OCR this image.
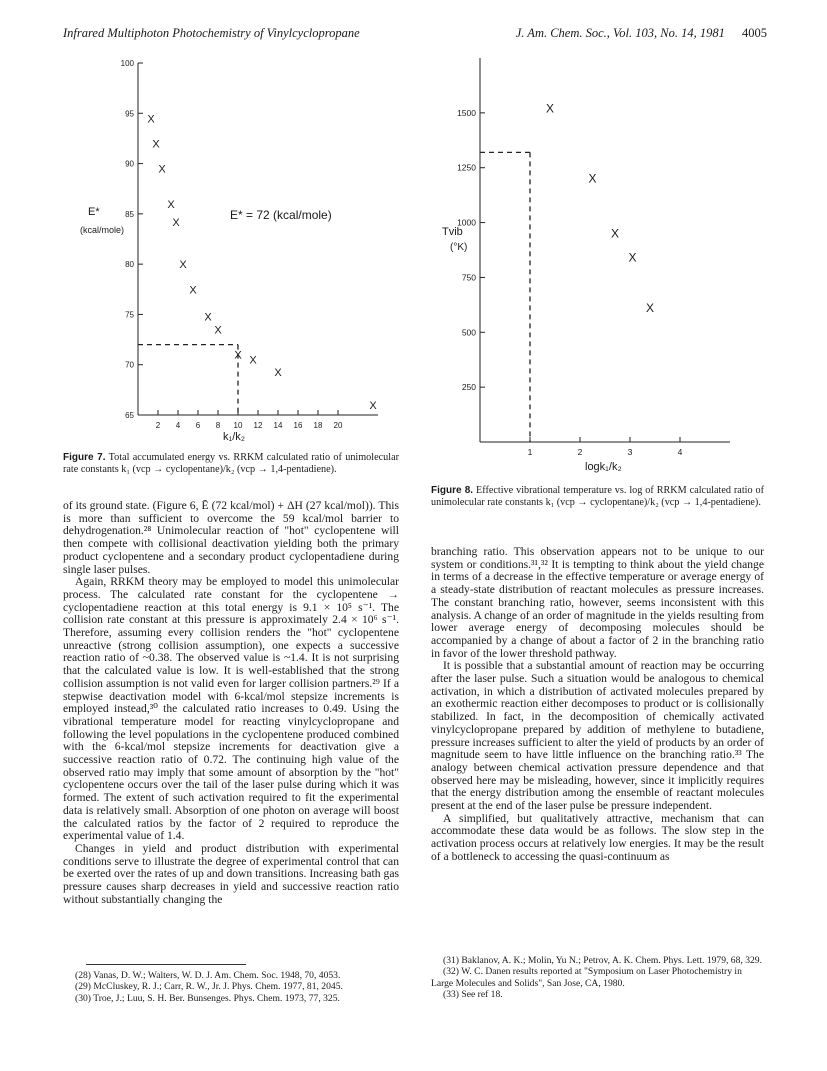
Infrared Multiphoton Photochemistry of Vinylcyclopropane	J. Am. Chem. Soc., Vol. 103, No. 14, 1981 4005
65
70
75
80
85
90
95
100
2 4 6 8 10 12 14 16 18 20
X
X
X
X
X
X
X
X
X
X X
X
X
E* = 72 (kcal/mole)
E*
(kcal/mole)
k₁/k₂
Figure 7. Total accumulated energy vs. RRKM calculated ratio of unimolecular rate constants k₁ (vcp → cyclopentane)/k₂ (vcp → 1,4-pentadiene).
250
500
750
1000
1250
1500
1	2	3	4
X
X
X
X
X
Tvib
(°K)
logk₁/k₂
Figure 8. Effective vibrational temperature vs. log of RRKM calculated ratio of unimolecular rate constants k₁ (vcp → cyclopentane)/k₂ (vcp → 1,4-pentadiene).

of its ground state. (Figure 6, Ē (72 kcal/mol) + ΔH (27 kcal/mol)). This is more than sufficient to overcome the 59 kcal/mol barrier to dehydrogenation.²⁸ Unimolecular reaction of "hot" cyclopentene will then compete with collisional deactivation yielding both the primary product cyclopentene and a secondary product cyclopentadiene during single laser pulses.

Again, RRKM theory may be employed to model this unimolecular process. The calculated rate constant for the cyclopentene → cyclopentadiene reaction at this total energy is 9.1 × 10⁵ s⁻¹. The collision rate constant at this pressure is approximately 2.4 × 10⁶ s⁻¹. Therefore, assuming every collision renders the "hot" cyclopentene unreactive (strong collision assumption), one expects a successive reaction ratio of ~0.38. The observed value is ~1.4. It is not surprising that the calculated value is low. It is well-established that the strong collision assumption is not valid even for larger collision partners.²⁹ If a stepwise deactivation model with 6-kcal/mol stepsize increments is employed instead,³⁰ the calculated ratio increases to 0.49. Using the vibrational temperature model for reacting vinylcyclopropane and following the level populations in the cyclopentene produced combined with the 6-kcal/mol stepsize increments for deactivation give a successive reaction ratio of 0.72. The continuing high value of the observed ratio may imply that some amount of absorption by the "hot" cyclopentene occurs over the tail of the laser pulse during which it was formed. The extent of such activation required to fit the experimental data is relatively small. Absorption of one photon on average will boost the calculated ratios by the factor of 2 required to reproduce the experimental value of 1.4.

Changes in yield and product distribution with experimental conditions serve to illustrate the degree of experimental control that can be exerted over the rates of up and down transitions. Increasing bath gas pressure causes sharp decreases in yield and successive reaction ratio without substantially changing the

branching ratio. This observation appears not to be unique to our system or conditions.³¹,³² It is tempting to think about the yield change in terms of a decrease in the effective temperature or average energy of a steady-state distribution of reactant molecules as pressure increases. The constant branching ratio, however, seems inconsistent with this analysis. A change of an order of magnitude in the yields resulting from lower average energy of decomposing molecules should be accompanied by a change of about a factor of 2 in the branching ratio in favor of the lower threshold pathway.

It is possible that a substantial amount of reaction may be occurring after the laser pulse. Such a situation would be analogous to chemical activation, in which a distribution of activated molecules prepared by an exothermic reaction either decomposes to product or is collisionally stabilized. In fact, in the decomposition of chemically activated vinylcyclopropane prepared by addition of methylene to butadiene, pressure increases sufficient to alter the yield of products by an order of magnitude seem to have little influence on the branching ratio.³³ The analogy between chemical activation pressure dependence and that observed here may be misleading, however, since it implicitly requires that the energy distribution among the ensemble of reactant molecules present at the end of the laser pulse be pressure independent.

A simplified, but qualitatively attractive, mechanism that can accommodate these data would be as follows. The slow step in the activation process occurs at relatively low energies. It may be the result of a bottleneck to accessing the quasi-continuum as

(28) Vanas, D. W.; Walters, W. D. J. Am. Chem. Soc. 1948, 70, 4053.
(29) McCluskey, R. J.; Carr, R. W., Jr. J. Phys. Chem. 1977, 81, 2045.
(30) Troe, J.; Luu, S. H. Ber. Bunsenges. Phys. Chem. 1973, 77, 325.
(31) Baklanov, A. K.; Molin, Yu N.; Petrov, A. K. Chem. Phys. Lett. 1979, 68, 329.
(32) W. C. Danen results reported at "Symposium on Laser Photochemistry in Large Molecules and Solids", San Jose, CA, 1980.
(33) See ref 18.
